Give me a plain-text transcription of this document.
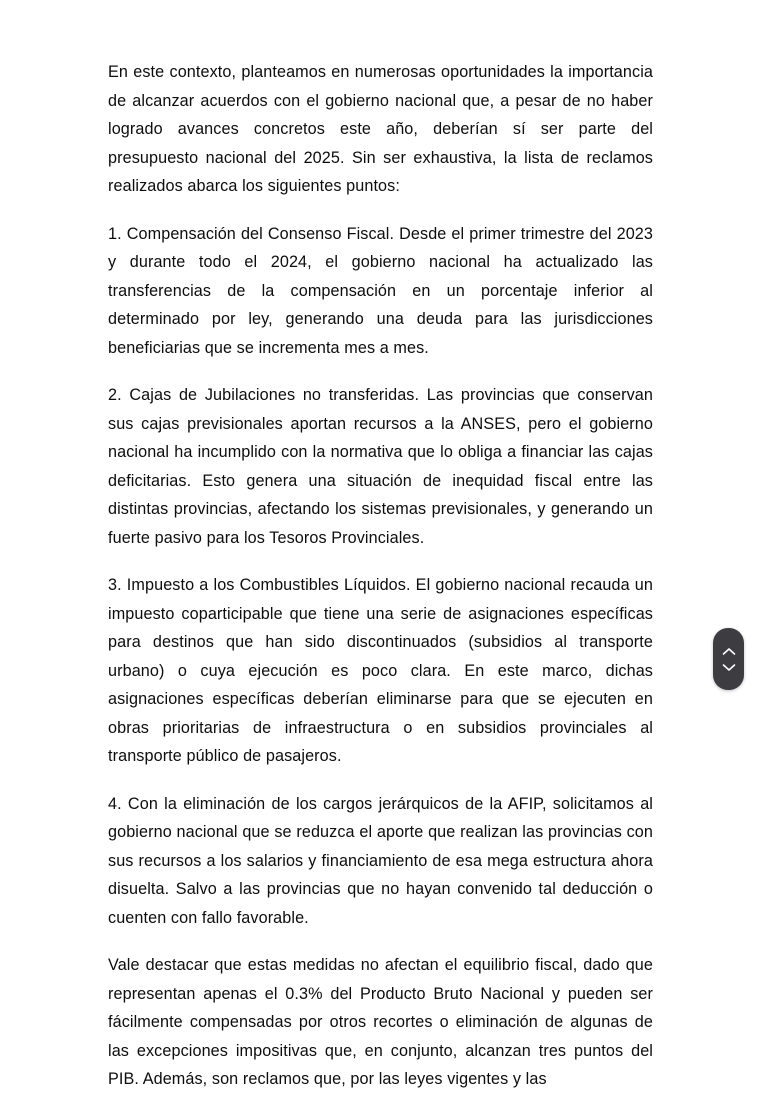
En este contexto, planteamos en numerosas oportunidades la importancia de alcanzar acuerdos con el gobierno nacional que, a pesar de no haber logrado avances concretos este año, deberían sí ser parte del presupuesto nacional del 2025. Sin ser exhaustiva, la lista de reclamos realizados abarca los siguientes puntos:

1. Compensación del Consenso Fiscal. Desde el primer trimestre del 2023 y durante todo el 2024, el gobierno nacional ha actualizado las transferencias de la compensación en un porcentaje inferior al determinado por ley, generando una deuda para las jurisdicciones beneficiarias que se incrementa mes a mes.

2. Cajas de Jubilaciones no transferidas. Las provincias que conservan sus cajas previsionales aportan recursos a la ANSES, pero el gobierno nacional ha incumplido con la normativa que lo obliga a financiar las cajas deficitarias. Esto genera una situación de inequidad fiscal entre las distintas provincias, afectando los sistemas previsionales, y generando un fuerte pasivo para los Tesoros Provinciales.

3. Impuesto a los Combustibles Líquidos. El gobierno nacional recauda un impuesto coparticipable que tiene una serie de asignaciones específicas para destinos que han sido discontinuados (subsidios al transporte urbano) o cuya ejecución es poco clara. En este marco, dichas asignaciones específicas deberían eliminarse para que se ejecuten en obras prioritarias de infraestructura o en subsidios provinciales al transporte público de pasajeros.

4. Con la eliminación de los cargos jerárquicos de la AFIP, solicitamos al gobierno nacional que se reduzca el aporte que realizan las provincias con sus recursos a los salarios y financiamiento de esa mega estructura ahora disuelta. Salvo a las provincias que no hayan convenido tal deducción o cuenten con fallo favorable.

Vale destacar que estas medidas no afectan el equilibrio fiscal, dado que representan apenas el 0.3% del Producto Bruto Nacional y pueden ser fácilmente compensadas por otros recortes o eliminación de algunas de las excepciones impositivas que, en conjunto, alcanzan tres puntos del PIB. Además, son reclamos que, por las leyes vigentes y las
